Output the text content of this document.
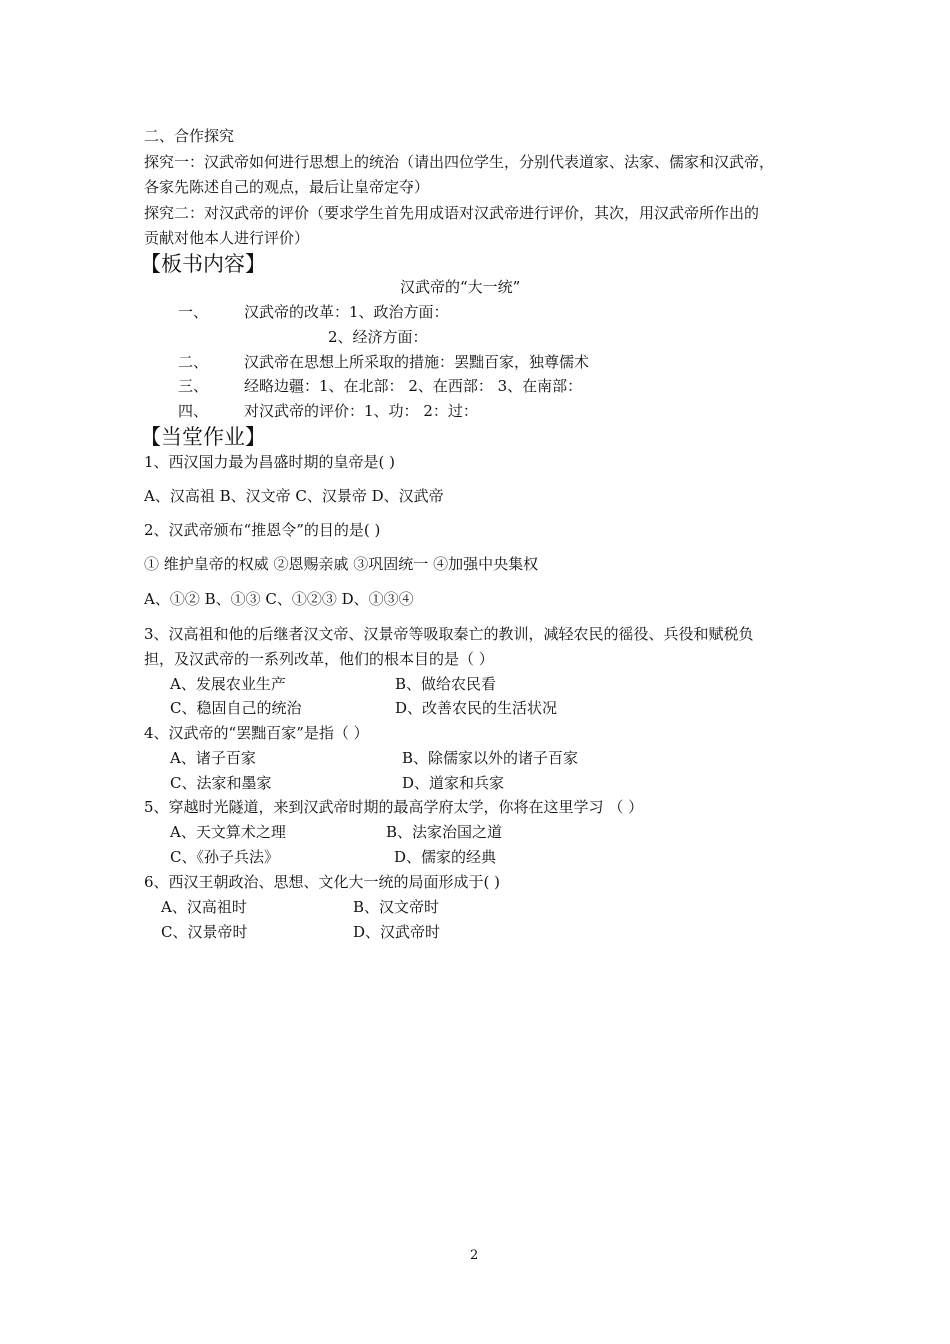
二、合作探究
探究一：汉武帝如何进行思想上的统治（请出四位学生，分别代表道家、法家、儒家和汉武帝，
各家先陈述自己的观点，最后让皇帝定夺）
探究二：对汉武帝的评价（要求学生首先用成语对汉武帝进行评价，其次，用汉武帝所作出的
贡献对他本人进行评价）
【板书内容】
汉武帝的“大一统”
一、 汉武帝的改革：1、政治方面：
2、经济方面：
二、 汉武帝在思想上所采取的措施：罢黜百家，独尊儒术
三、 经略边疆：1、在北部： 2、在西部： 3、在南部：
四、 对汉武帝的评价：1、功： 2：过：
【当堂作业】
1、西汉国力最为昌盛时期的皇帝是( )
A、汉高祖 B、汉文帝 C、汉景帝 D、汉武帝
2、汉武帝颁布“推恩令”的目的是( )
① 维护皇帝的权威 ②恩赐亲戚 ③巩固统一 ④加强中央集权
A、①② B、①③ C、①②③ D、①③④
3、汉高祖和他的后继者汉文帝、汉景帝等吸取秦亡的教训，减轻农民的徭役、兵役和赋税负
担，及汉武帝的一系列改革，他们的根本目的是（ ）
A、发展农业生产	B、做给农民看
C、稳固自己的统治	D、改善农民的生活状况
4、汉武帝的“罢黜百家”是指（ ）
A、诸子百家	B、除儒家以外的诸子百家
C、法家和墨家	D、道家和兵家
5、穿越时光隧道，来到汉武帝时期的最高学府太学，你将在这里学习 （ ）
A、天文算术之理	B、法家治国之道
C、《孙子兵法》	D、儒家的经典
6、西汉王朝政治、思想、文化大一统的局面形成于( )
A、汉高祖时	B、汉文帝时
C、汉景帝时	D、汉武帝时
2
